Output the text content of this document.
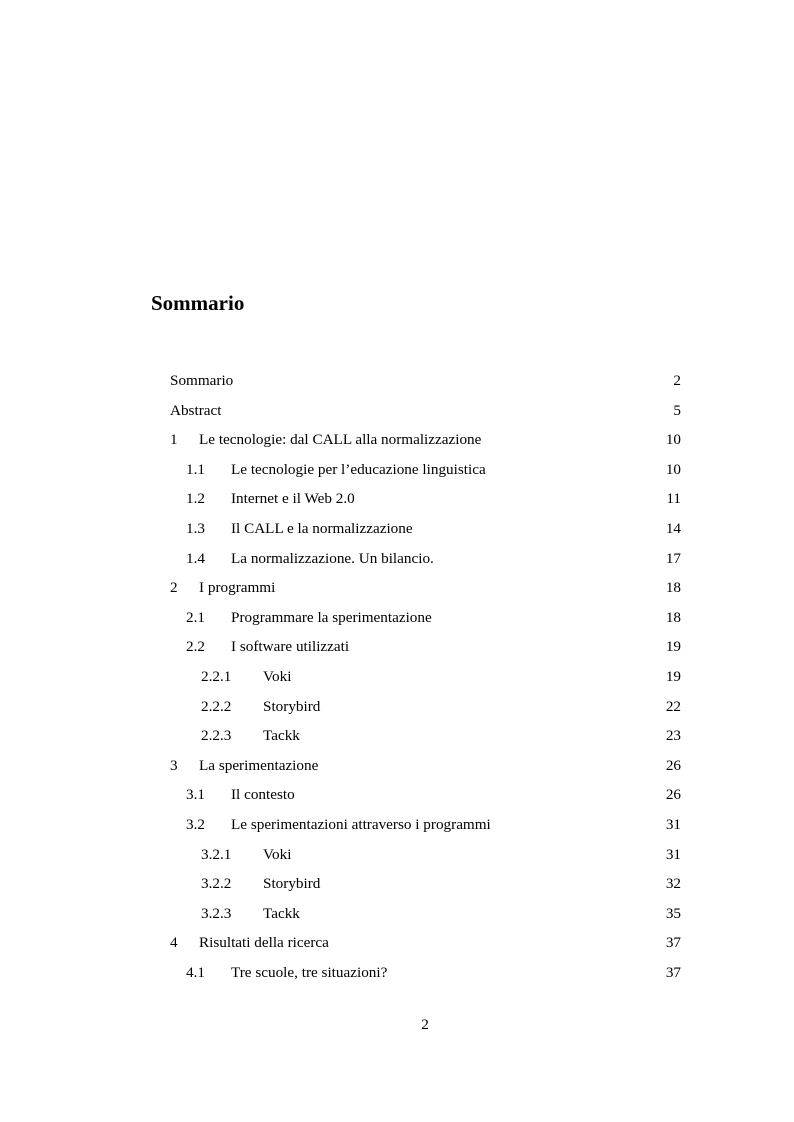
Sommario
Sommario	2
Abstract	5
1 Le tecnologie: dal CALL alla normalizzazione	10
1.1 Le tecnologie per l’educazione linguistica	10
1.2 Internet e il Web 2.0	11
1.3 Il CALL e la normalizzazione	14
1.4 La normalizzazione. Un bilancio.	17
2 I programmi	18
2.1 Programmare la sperimentazione	18
2.2 I software utilizzati	19
2.2.1 Voki	19
2.2.2 Storybird	22
2.2.3 Tackk	23
3 La sperimentazione	26
3.1 Il contesto	26
3.2 Le sperimentazioni attraverso i programmi	31
3.2.1 Voki	31
3.2.2 Storybird	32
3.2.3 Tackk	35
4 Risultati della ricerca	37
4.1 Tre scuole, tre situazioni?	37
2
